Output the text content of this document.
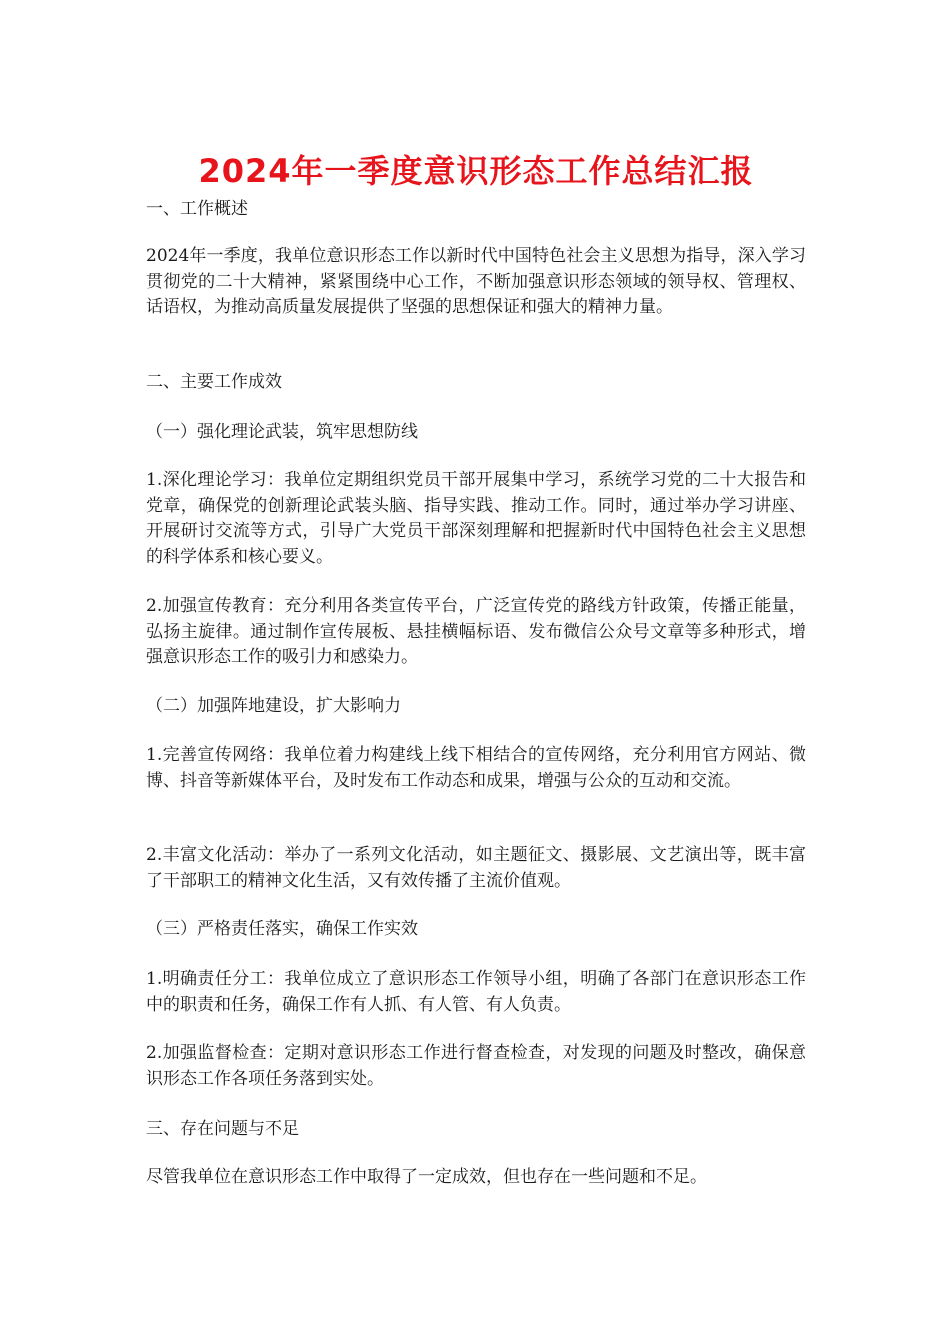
2024年一季度意识形态工作总结汇报

一、工作概述

2024年一季度，我单位意识形态工作以新时代中国特色社会主义思想为指导，深入学习贯彻党的二十大精神，紧紧围绕中心工作，不断加强意识形态领域的领导权、管理权、话语权，为推动高质量发展提供了坚强的思想保证和强大的精神力量。

二、主要工作成效

（一）强化理论武装，筑牢思想防线

1.深化理论学习：我单位定期组织党员干部开展集中学习，系统学习党的二十大报告和党章，确保党的创新理论武装头脑、指导实践、推动工作。同时，通过举办学习讲座、开展研讨交流等方式，引导广大党员干部深刻理解和把握新时代中国特色社会主义思想的科学体系和核心要义。

2.加强宣传教育：充分利用各类宣传平台，广泛宣传党的路线方针政策，传播正能量，弘扬主旋律。通过制作宣传展板、悬挂横幅标语、发布微信公众号文章等多种形式，增强意识形态工作的吸引力和感染力。

（二）加强阵地建设，扩大影响力

1.完善宣传网络：我单位着力构建线上线下相结合的宣传网络，充分利用官方网站、微博、抖音等新媒体平台，及时发布工作动态和成果，增强与公众的互动和交流。

2.丰富文化活动：举办了一系列文化活动，如主题征文、摄影展、文艺演出等，既丰富了干部职工的精神文化生活，又有效传播了主流价值观。

（三）严格责任落实，确保工作实效

1.明确责任分工：我单位成立了意识形态工作领导小组，明确了各部门在意识形态工作中的职责和任务，确保工作有人抓、有人管、有人负责。

2.加强监督检查：定期对意识形态工作进行督查检查，对发现的问题及时整改，确保意识形态工作各项任务落到实处。

三、存在问题与不足

尽管我单位在意识形态工作中取得了一定成效，但也存在一些问题和不足。
